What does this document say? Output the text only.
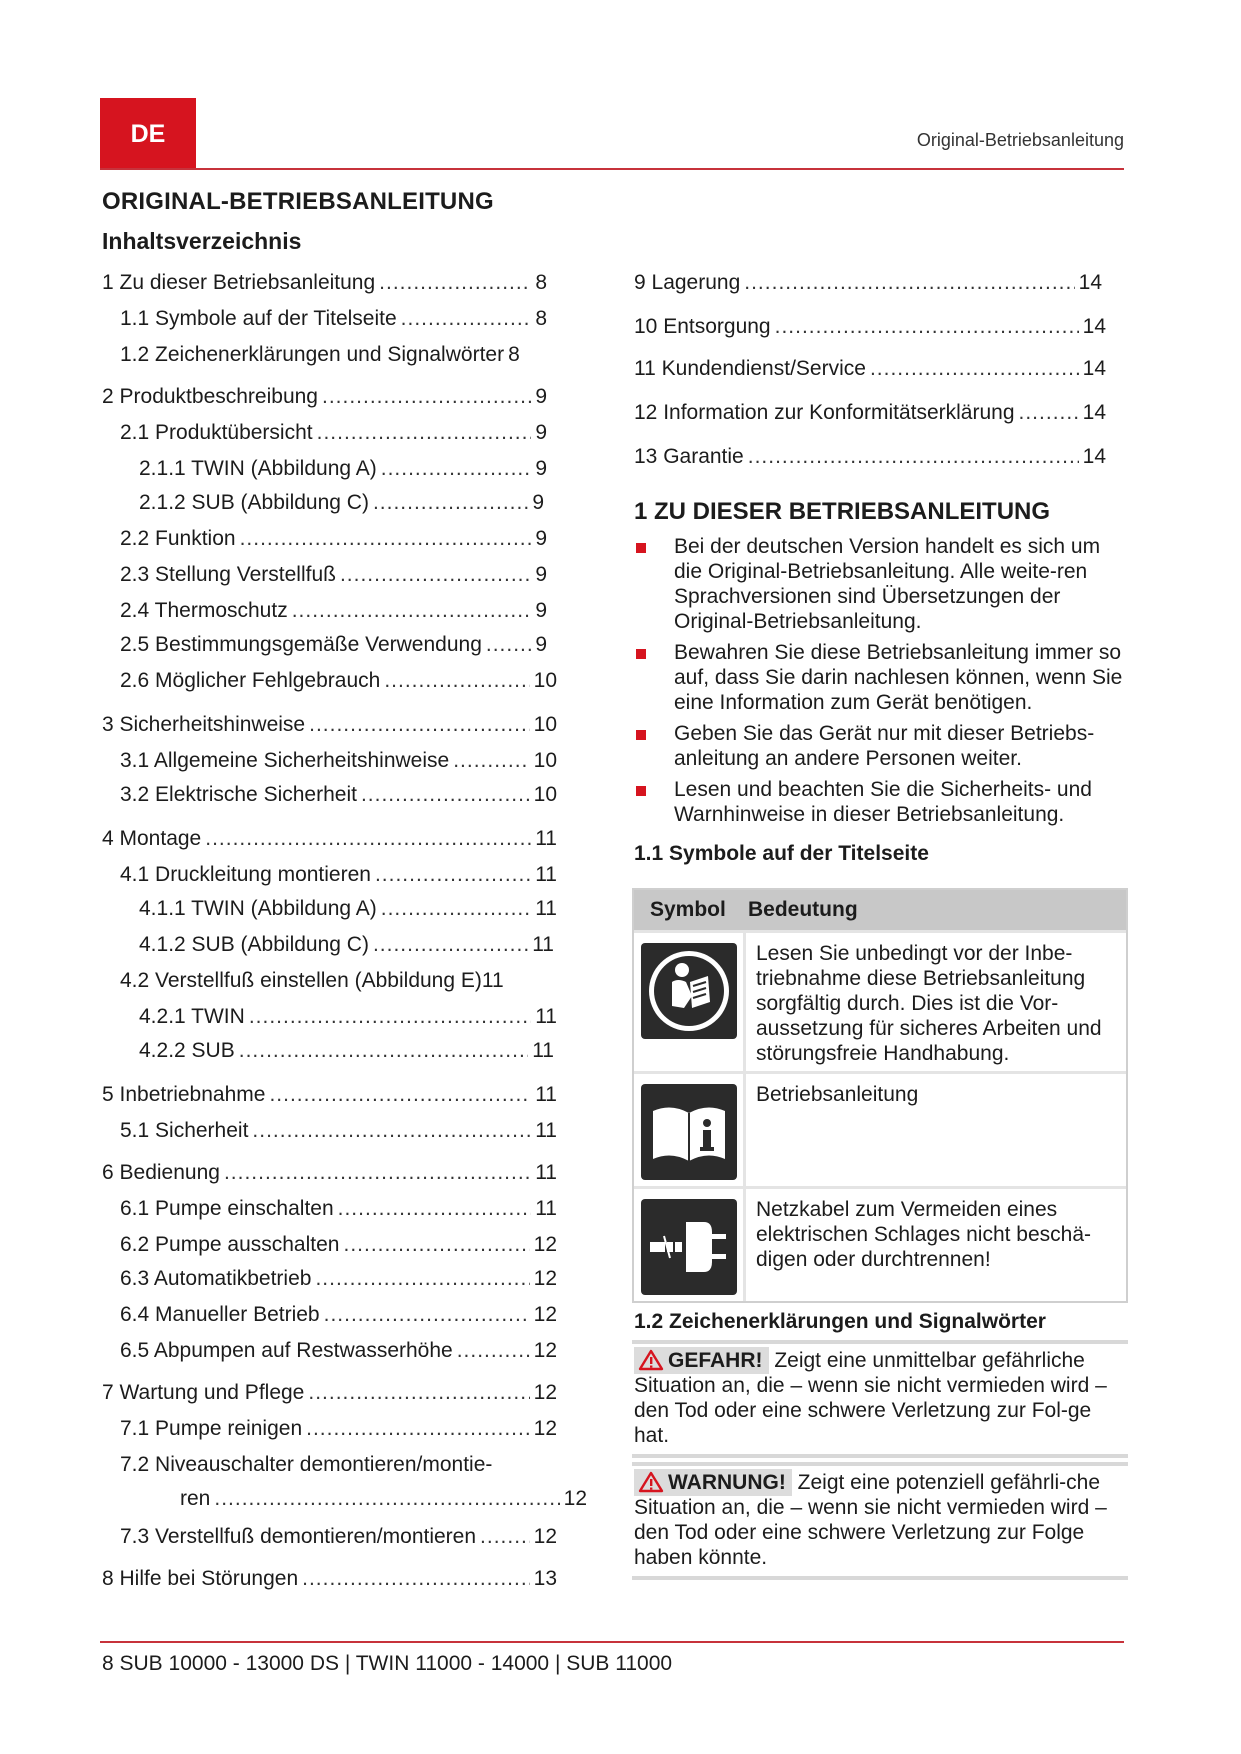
DE	Original-Betriebsanleitung
ORIGINAL-BETRIEBSANLEITUNG
Inhaltsverzeichnis
1 Zu dieser Betriebsanleitung .....	8
1.1 Symbole auf der Titelseite .....	8
1.2 Zeichenerklärungen und Signalwörter 8
2 Produktbeschreibung .....	9
2.1 Produktübersicht .....	9
2.1.1 TWIN (Abbildung A) .....	9
2.1.2 SUB (Abbildung C) .....	9
2.2 Funktion .....	9
2.3 Stellung Verstellfuß .....	9
2.4 Thermoschutz .....	9
2.5 Bestimmungsgemäße Verwendung .....	9
2.6 Möglicher Fehlgebrauch .....	10
3 Sicherheitshinweise .....	10
3.1 Allgemeine Sicherheitshinweise .....	10
3.2 Elektrische Sicherheit .....	10
4 Montage .....	11
4.1 Druckleitung montieren .....	11
4.1.1 TWIN (Abbildung A) .....	11
4.1.2 SUB (Abbildung C) .....	11
4.2 Verstellfuß einstellen (Abbildung E) 11
4.2.1 TWIN .....	11
4.2.2 SUB .....	11
5 Inbetriebnahme .....	11
5.1 Sicherheit .....	11
6 Bedienung .....	11
6.1 Pumpe einschalten .....	11
6.2 Pumpe ausschalten .....	12
6.3 Automatikbetrieb .....	12
6.4 Manueller Betrieb .....	12
6.5 Abpumpen auf Restwasserhöhe .....	12
7 Wartung und Pflege .....	12
7.1 Pumpe reinigen .....	12
7.2 Niveauschalter demontieren/montie-
ren .....	12
7.3 Verstellfuß demontieren/montieren .....	12
8 Hilfe bei Störungen .....	13
9 Lagerung .....	14
10 Entsorgung .....	14
11 Kundendienst/Service .....	14
12 Information zur Konformitätserklärung .....	14
13 Garantie .....	14
1 ZU DIESER BETRIEBSANLEITUNG
Bei der deutschen Version handelt es sich um die Original-Betriebsanleitung. Alle weite-ren Sprachversionen sind Übersetzungen der Original-Betriebsanleitung.
Bewahren Sie diese Betriebsanleitung immer so auf, dass Sie darin nachlesen können, wenn Sie eine Information zum Gerät benötigen.
Geben Sie das Gerät nur mit dieser Betriebs-anleitung an andere Personen weiter.
Lesen und beachten Sie die Sicherheits- und Warnhinweise in dieser Betriebsanleitung.
1.1 Symbole auf der Titelseite
Symbol	Bedeutung
Lesen Sie unbedingt vor der Inbe-triebnahme diese Betriebsanleitung sorgfältig durch. Dies ist die Vor-aussetzung für sicheres Arbeiten und störungsfreie Handhabung.
Betriebsanleitung
Netzkabel zum Vermeiden eines elektrischen Schlages nicht beschä-digen oder durchtrennen!
1.2 Zeichenerklärungen und Signalwörter
GEFAHR! Zeigt eine unmittelbar gefährliche Situation an, die – wenn sie nicht vermieden wird – den Tod oder eine schwere Verletzung zur Fol-ge hat.
WARNUNG! Zeigt eine potenziell gefährli-che Situation an, die – wenn sie nicht vermieden wird – den Tod oder eine schwere Verletzung zur Folge haben könnte.
8 SUB 10000 - 13000 DS | TWIN 11000 - 14000 | SUB 11000
